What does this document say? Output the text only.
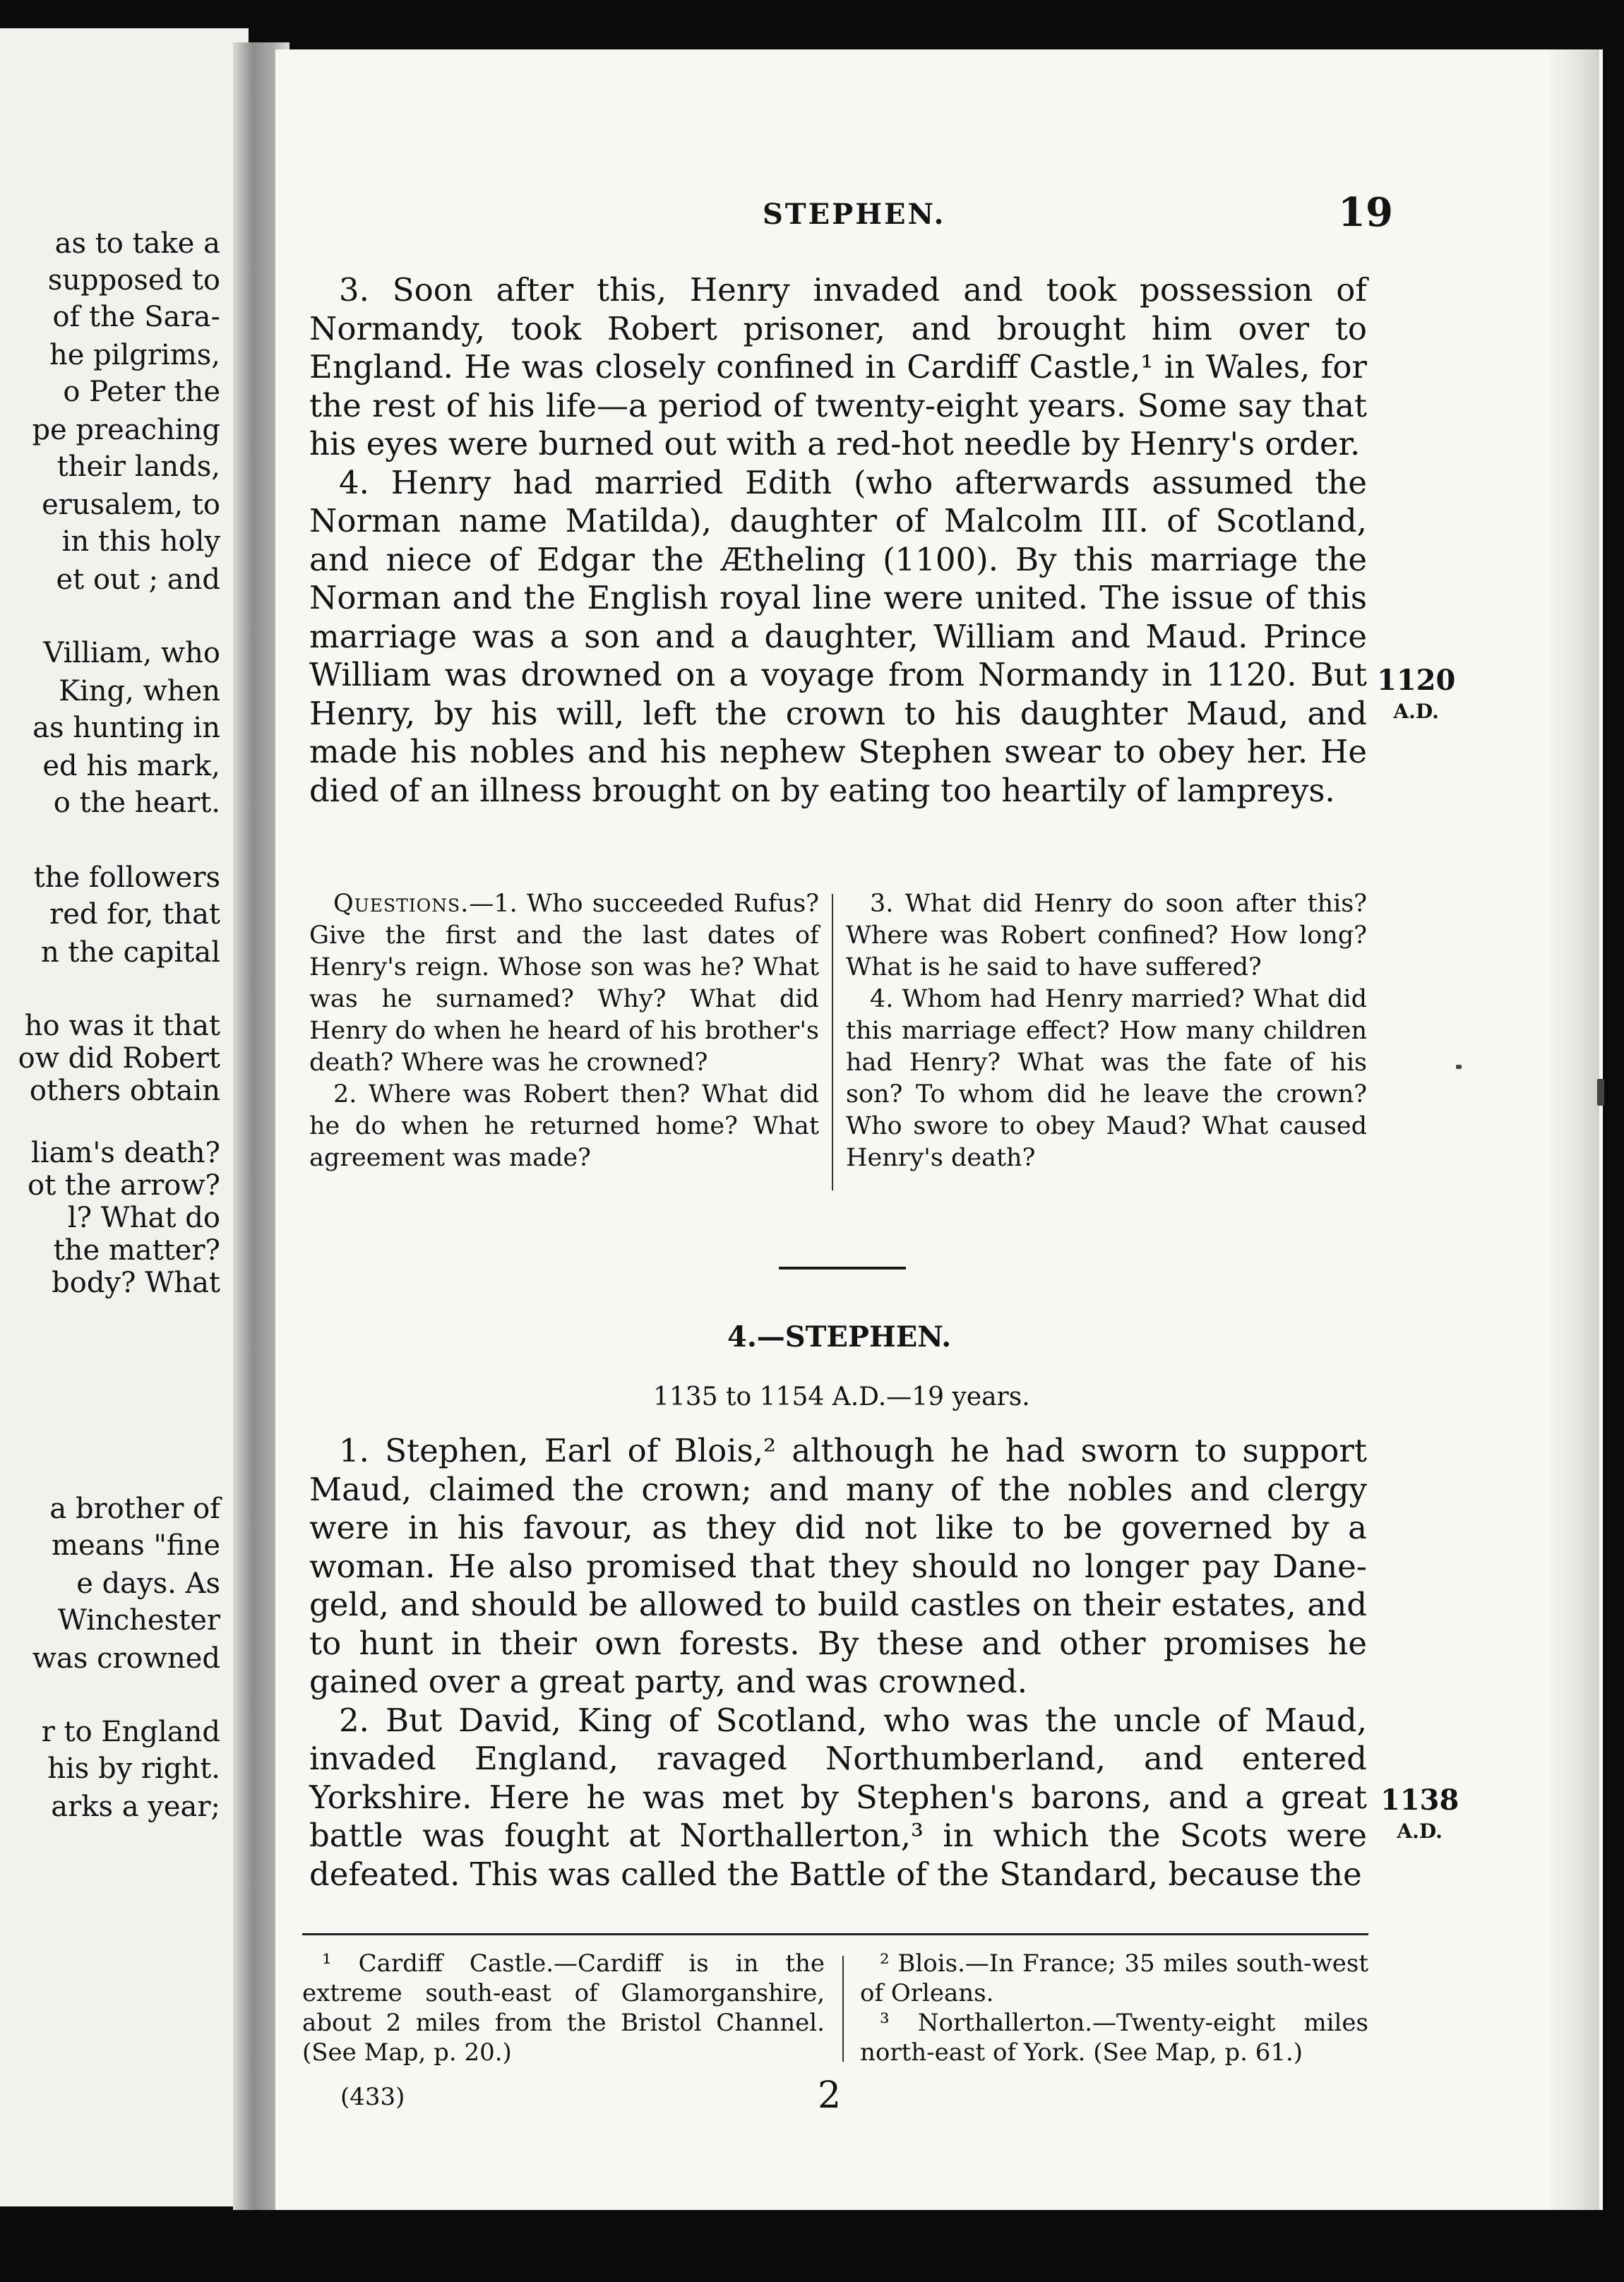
as to take a
supposed to
of the Sara-
he pilgrims,
o Peter the
pe preaching
their lands,
erusalem, to
in this holy
et out ; and
Villiam, who
King, when
as hunting in
ed his mark,
o the heart.
the followers
red for, that
n the capital
ho was it that
ow did Robert
others obtain
liam's death?
ot the arrow?
l? What do
the matter?
body? What
a brother of
means "fine
e days. As
Winchester
was crowned
r to England
his by right.
arks a year;
STEPHEN.	19

3. Soon after this, Henry invaded and took possession of Normandy, took Robert prisoner, and brought him over to England. He was closely confined in Cardiff Castle,¹ in Wales, for the rest of his life—a period of twenty-eight years. Some say that his eyes were burned out with a red-hot needle by Henry's order.

4. Henry had married Edith (who afterwards assumed the Norman name Matilda), daughter of Malcolm III. of Scotland, and niece of Edgar the Ætheling (1100). By this marriage the Norman and the English royal line were united. The issue of this marriage was a son and a daughter, William and Maud. Prince William was drowned on a voyage from Normandy in 1120. But Henry, by his will, left the crown to his daughter Maud, and made his nobles and his nephew Stephen swear to obey her. He died of an illness brought on by eating too heartily of lampreys.

1120
A.D.

Questions.—1. Who succeeded Rufus? Give the first and the last dates of Henry's reign. Whose son was he? What was he surnamed? Why? What did Henry do when he heard of his brother's death? Where was he crowned?

2. Where was Robert then? What did he do when he returned home? What agreement was made?

3. What did Henry do soon after this? Where was Robert confined? How long? What is he said to have suffered?

4. Whom had Henry married? What did this marriage effect? How many children had Henry? What was the fate of his son? To whom did he leave the crown? Who swore to obey Maud? What caused Henry's death?

4.—STEPHEN.
1135 to 1154 A.D.—19 years.

1. Stephen, Earl of Blois,² although he had sworn to support Maud, claimed the crown; and many of the nobles and clergy were in his favour, as they did not like to be governed by a woman. He also promised that they should no longer pay Dane-geld, and should be allowed to build castles on their estates, and to hunt in their own forests. By these and other promises he gained over a great party, and was crowned.

2. But David, King of Scotland, who was the uncle of Maud, invaded England, ravaged Northumberland, and entered Yorkshire. Here he was met by Stephen's barons, and a great battle was fought at Northallerton,³ in which the Scots were defeated. This was called the Battle of the Standard, because the

1138
A.D.

¹ Cardiff Castle.—Cardiff is in the extreme south-east of Glamorganshire, about 2 miles from the Bristol Channel. (See Map, p. 20.)

² Blois.—In France; 35 miles south-west of Orleans.

³ Northallerton.—Twenty-eight miles north-east of York. (See Map, p. 61.)

(433)	2
